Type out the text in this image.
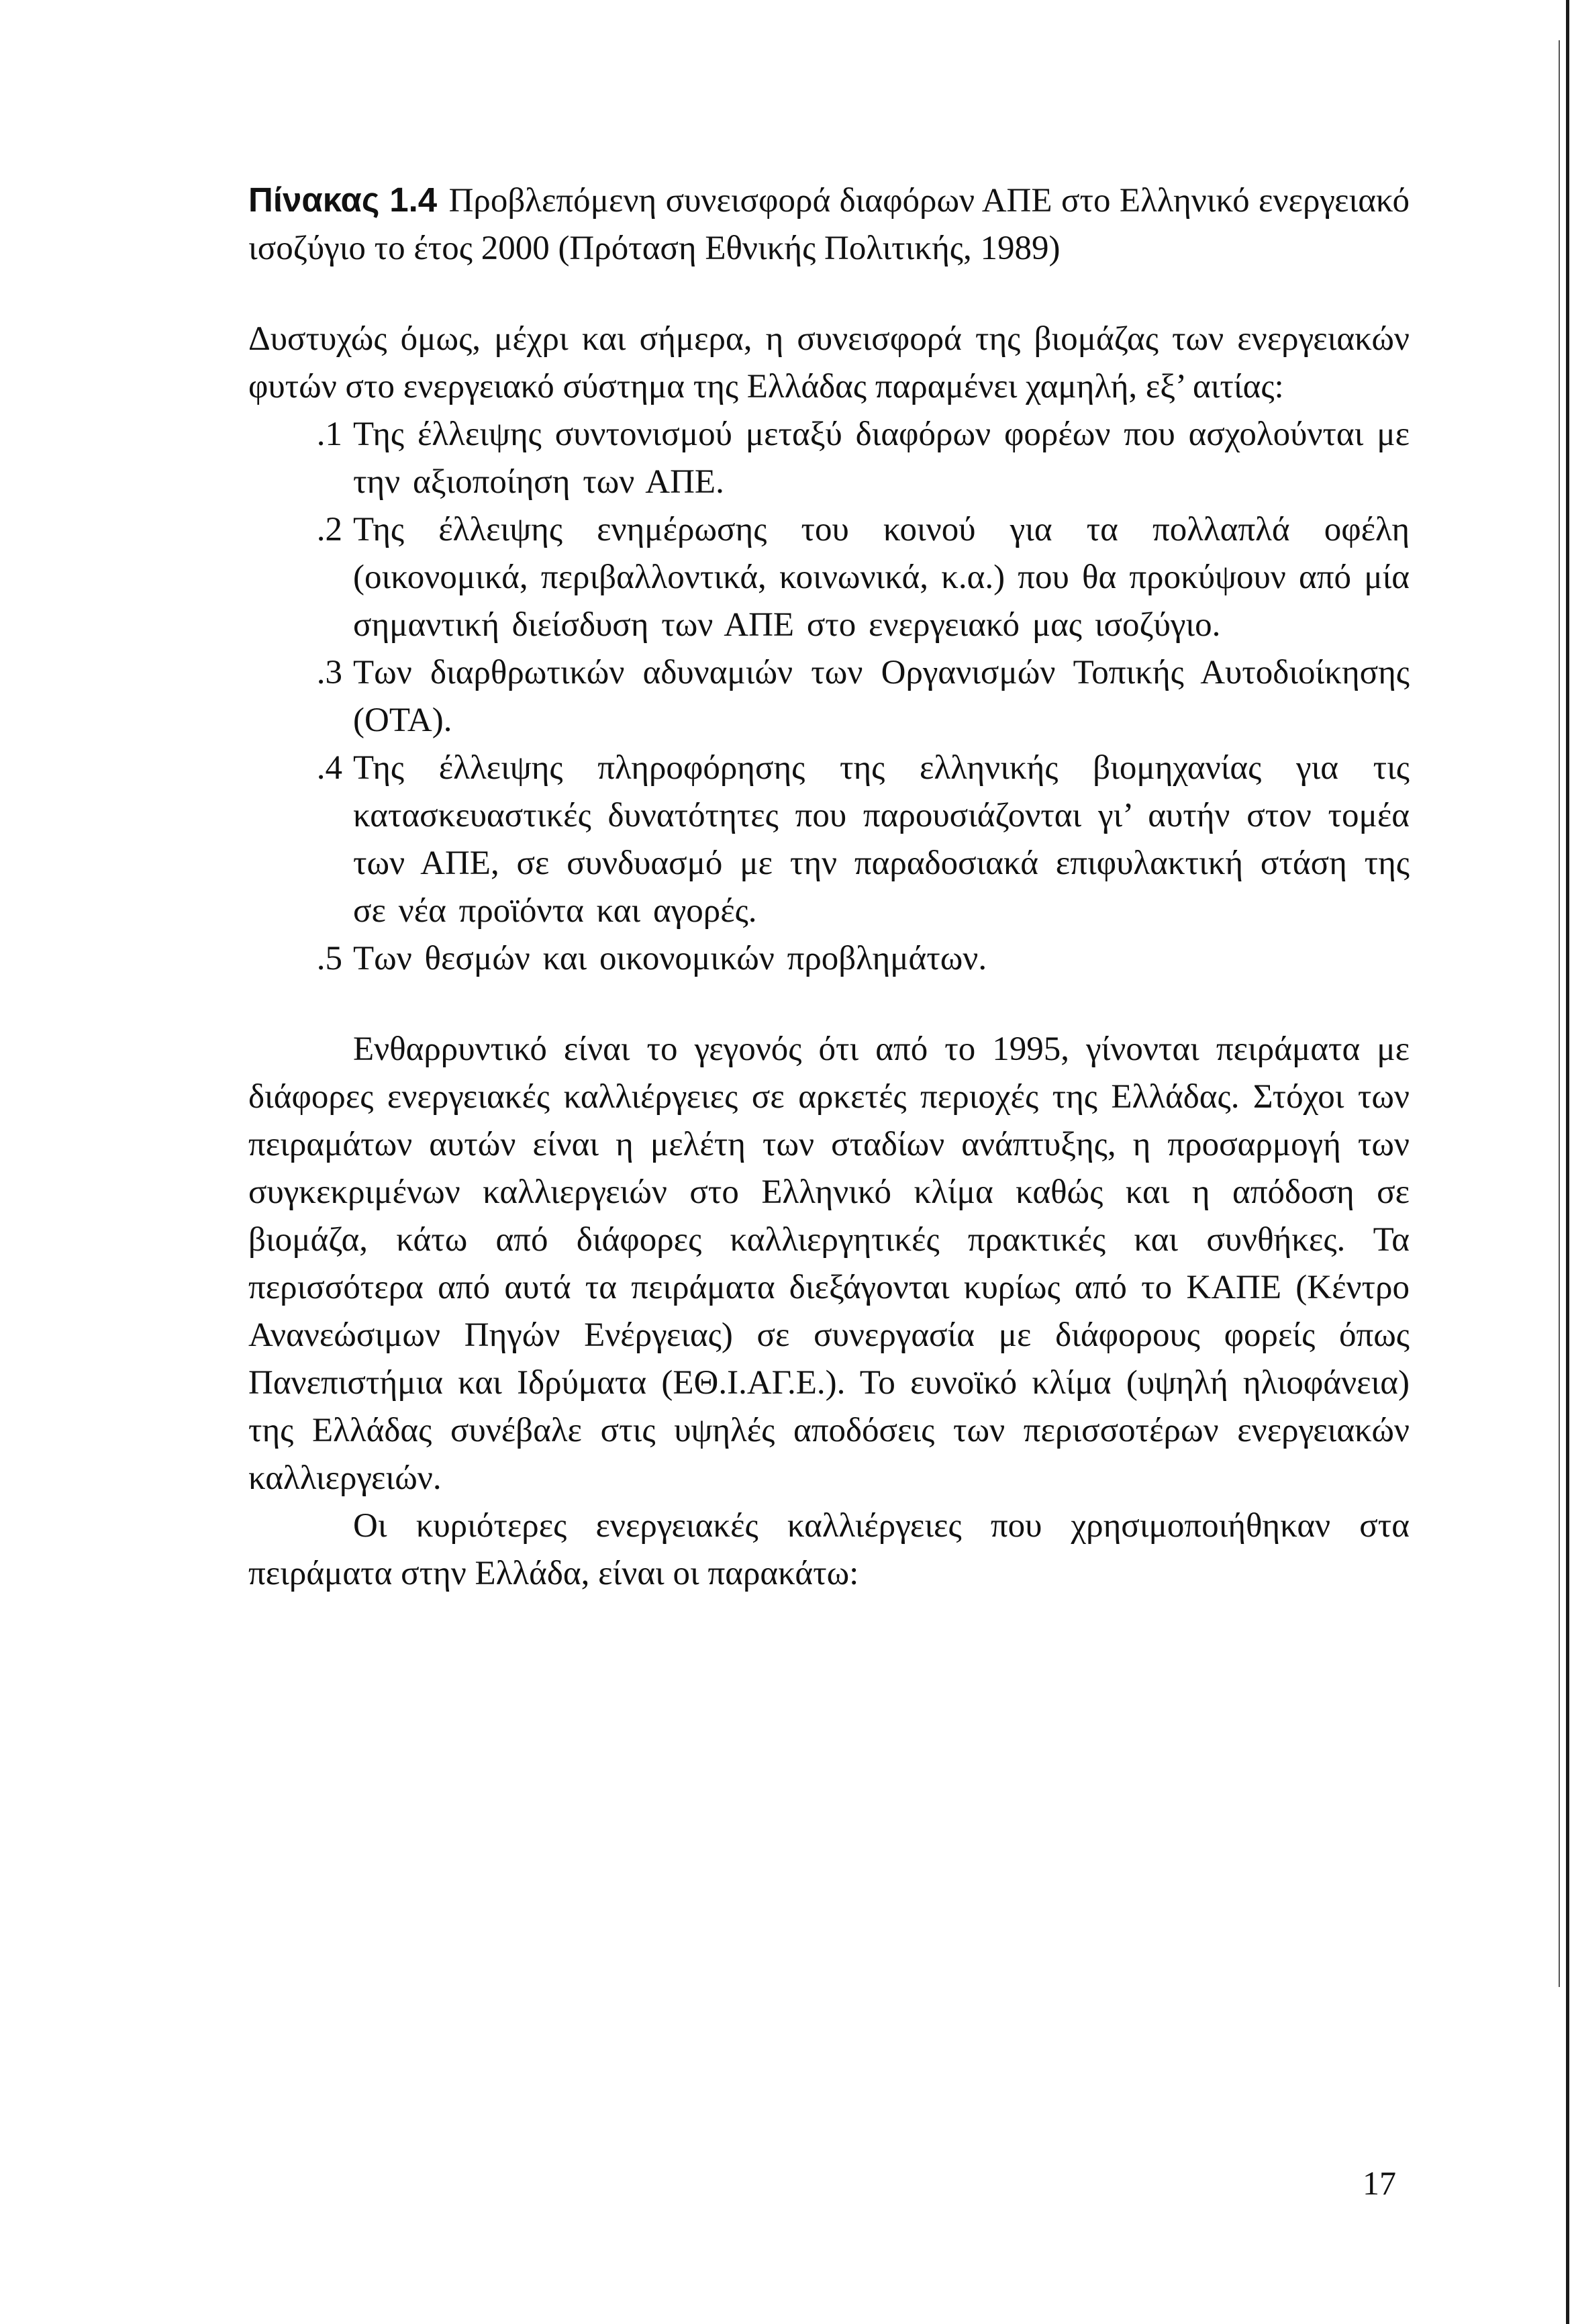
Πίνακας 1.4 Προβλεπόμενη συνεισφορά διαφόρων ΑΠΕ στο Ελληνικό ενεργειακό ισοζύγιο το έτος 2000 (Πρόταση Εθνικής Πολιτικής, 1989)

Δυστυχώς όμως, μέχρι και σήμερα, η συνεισφορά της βιομάζας των ενεργειακών φυτών στο ενεργειακό σύστημα της Ελλάδας παραμένει χαμηλή, εξ’ αιτίας:

1. Της έλλειψης συντονισμού μεταξύ διαφόρων φορέων που ασχολούνται με την αξιοποίηση των ΑΠΕ.
2. Της έλλειψης ενημέρωσης του κοινού για τα πολλαπλά οφέλη (οικονομικά, περιβαλλοντικά, κοινωνικά, κ.α.) που θα προκύψουν από μία σημαντική διείσδυση των ΑΠΕ στο ενεργειακό μας ισοζύγιο.
3. Των διαρθρωτικών αδυναμιών των Οργανισμών Τοπικής Αυτοδιοίκησης (ΟΤΑ).
4. Της έλλειψης πληροφόρησης της ελληνικής βιομηχανίας για τις κατασκευαστικές δυνατότητες που παρουσιάζονται γι’ αυτήν στον τομέα των ΑΠΕ, σε συνδυασμό με την παραδοσιακά επιφυλακτική στάση της σε νέα προϊόντα και αγορές.
5. Των θεσμών και οικονομικών προβλημάτων.

Ενθαρρυντικό είναι το γεγονός ότι από το 1995, γίνονται πειράματα με διάφορες ενεργειακές καλλιέργειες σε αρκετές περιοχές της Ελλάδας. Στόχοι των πειραμάτων αυτών είναι η μελέτη των σταδίων ανάπτυξης, η προσαρμογή των συγκεκριμένων καλλιεργειών στο Ελληνικό κλίμα καθώς και η απόδοση σε βιομάζα, κάτω από διάφορες καλλιεργητικές πρακτικές και συνθήκες. Τα περισσότερα από αυτά τα πειράματα διεξάγονται κυρίως από το ΚΑΠΕ (Κέντρο Ανανεώσιμων Πηγών Ενέργειας) σε συνεργασία με διάφορους φορείς όπως Πανεπιστήμια και Ιδρύματα (ΕΘ.Ι.ΑΓ.Ε.). Το ευνοϊκό κλίμα (υψηλή ηλιοφάνεια) της Ελλάδας συνέβαλε στις υψηλές αποδόσεις των περισσοτέρων ενεργειακών καλλιεργειών.

Οι κυριότερες ενεργειακές καλλιέργειες που χρησιμοποιήθηκαν στα πειράματα στην Ελλάδα, είναι οι παρακάτω:

17
